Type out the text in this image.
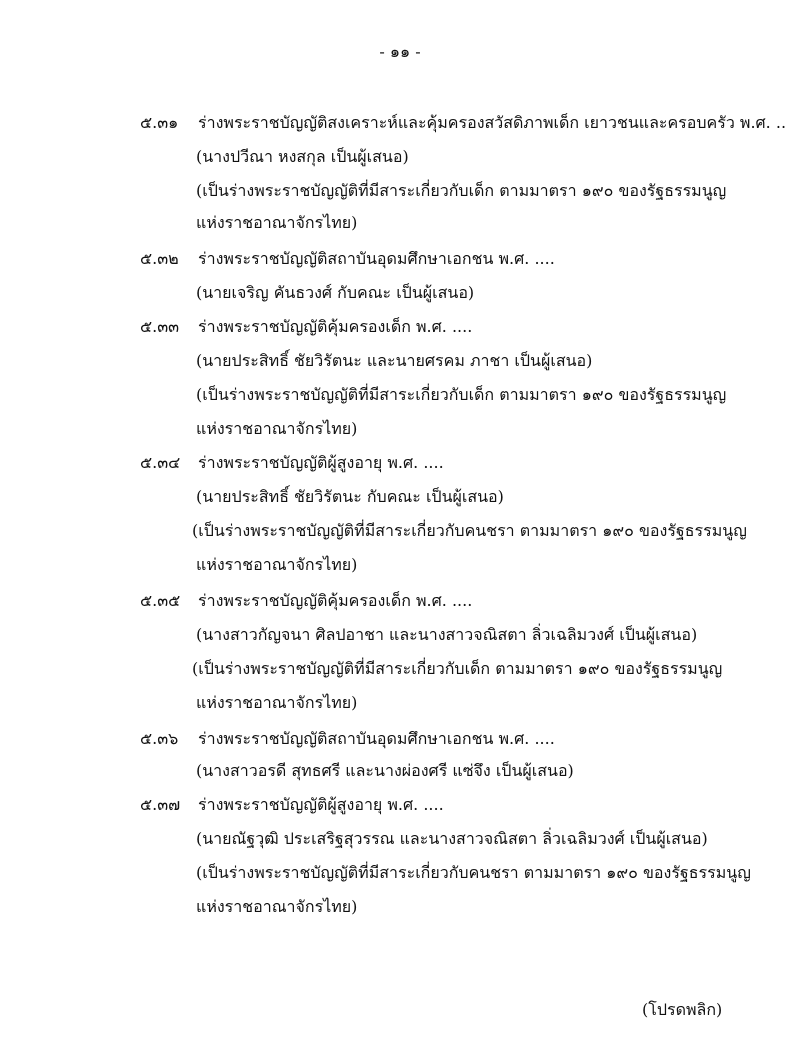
- ๑๑ -
๕.๓๑ ร่างพระราชบัญญัติสงเคราะห์และคุ้มครองสวัสดิภาพเด็ก เยาวชนและครอบครัว พ.ศ. ..
(นางปวีณา หงสกุล เป็นผู้เสนอ)
(เป็นร่างพระราชบัญญัติที่มีสาระเกี่ยวกับเด็ก ตามมาตรา ๑๙๐ ของรัฐธรรมนูญ
แห่งราชอาณาจักรไทย)
๕.๓๒ ร่างพระราชบัญญัติสถาบันอุดมศึกษาเอกชน พ.ศ. ....
(นายเจริญ คันธวงศ์ กับคณะ เป็นผู้เสนอ)
๕.๓๓ ร่างพระราชบัญญัติคุ้มครองเด็ก พ.ศ. ....
(นายประสิทธิ์ ชัยวิรัตนะ และนายศรคม ภาชา เป็นผู้เสนอ)
(เป็นร่างพระราชบัญญัติที่มีสาระเกี่ยวกับเด็ก ตามมาตรา ๑๙๐ ของรัฐธรรมนูญ
แห่งราชอาณาจักรไทย)
๕.๓๔ ร่างพระราชบัญญัติผู้สูงอายุ พ.ศ. ....
(นายประสิทธิ์ ชัยวิรัตนะ กับคณะ เป็นผู้เสนอ)
(เป็นร่างพระราชบัญญัติที่มีสาระเกี่ยวกับคนชรา ตามมาตรา ๑๙๐ ของรัฐธรรมนูญ
แห่งราชอาณาจักรไทย)
๕.๓๕ ร่างพระราชบัญญัติคุ้มครองเด็ก พ.ศ. ....
(นางสาวกัญจนา ศิลปอาชา และนางสาวจณิสตา ลิ่วเฉลิมวงศ์ เป็นผู้เสนอ)
(เป็นร่างพระราชบัญญัติที่มีสาระเกี่ยวกับเด็ก ตามมาตรา ๑๙๐ ของรัฐธรรมนูญ
แห่งราชอาณาจักรไทย)
๕.๓๖ ร่างพระราชบัญญัติสถาบันอุดมศึกษาเอกชน พ.ศ. ....
(นางสาวอรดี สุทธศรี และนางผ่องศรี แซ่จึง เป็นผู้เสนอ)
๕.๓๗ ร่างพระราชบัญญัติผู้สูงอายุ พ.ศ. ....
(นายณัฐวุฒิ ประเสริฐสุวรรณ และนางสาวจณิสตา ลิ่วเฉลิมวงศ์ เป็นผู้เสนอ)
(เป็นร่างพระราชบัญญัติที่มีสาระเกี่ยวกับคนชรา ตามมาตรา ๑๙๐ ของรัฐธรรมนูญ
แห่งราชอาณาจักรไทย)
(โปรดพลิก)
